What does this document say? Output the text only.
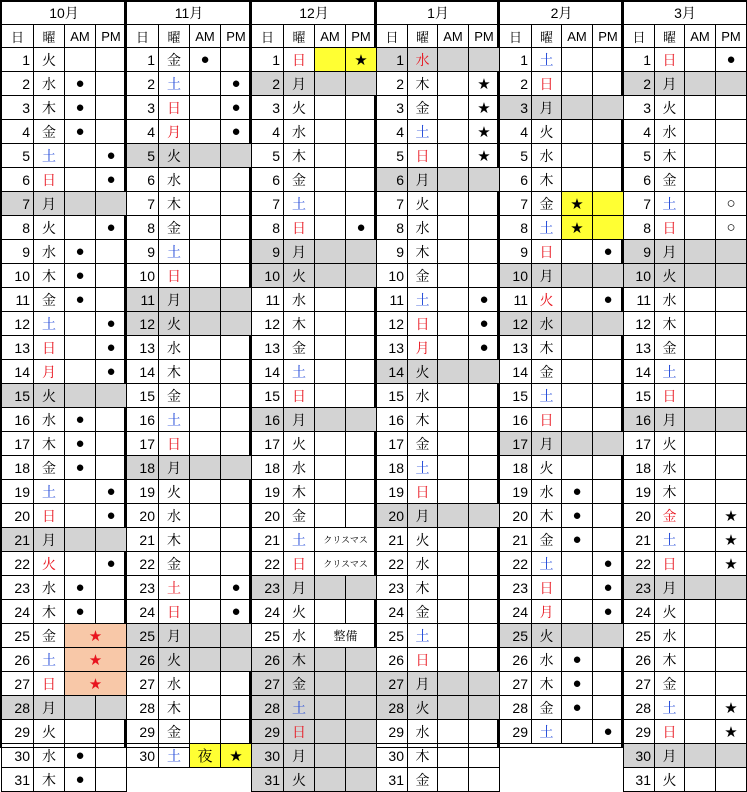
10月			
日	曜	AM	PM
1	火		
2	水	●	
3	木	●	
4	金	●	
5	土		●
6	日		●
7	月		
8	火		●
9	水	●	
10	木	●	
11	金	●	
12	土		●
13	日		●
14	月		●
15	火		
16	水	●	
17	木	●	
18	金	●	
19	土		●
20	日		●
21	月		
22	火		●
23	水	●	
24	木	●	
25	金	★	
26	土	★	
27	日	★	
28	月		
29	火		
30	水	●	
31	木	●	
11月			
日	曜	AM	PM
1	金	●	
2	土		●
3	日		●
4	月		●
5	火		
6	水		
7	木		
8	金		
9	土		
10	日		
11	月		
12	火		
13	水		
14	木		
15	金		
16	土		
17	日		
18	月		
19	火		
20	水		
21	木		
22	金		
23	土		●
24	日		●
25	月		
26	火		
27	水		
28	木		
29	金		
30	土	夜	★
12月			
日	曜	AM	PM
1	日		★
2	月		
3	火		
4	水		
5	木		
6	金		
7	土		
8	日		●
9	月		
10	火		
11	水		
12	木		
13	金		
14	土		
15	日		
16	月		
17	火		
18	水		
19	木		
20	金		
21	土	クリスマス	
22	日	クリスマス	
23	月		
24	火		
25	水	整備	
26	木		
27	金		
28	土		
29	日		
30	月		
31	火		
1月			
日	曜	AM	PM
1	水		
2	木		★
3	金		★
4	土		★
5	日		★
6	月		
7	火		
8	水		
9	木		
10	金		
11	土		●
12	日		●
13	月		●
14	火		
15	水		
16	木		
17	金		
18	土		
19	日		
20	月		
21	火		
22	水		
23	木		
24	金		
25	土		
26	日		
27	月		
28	火		
29	水		
30	木		
31	金		
2月			
日	曜	AM	PM
1	土		
2	日		
3	月		
4	火		
5	水		
6	木		
7	金	★	
8	土	★	
9	日		●
10	月		
11	火		●
12	水		
13	木		
14	金		
15	土		
16	日		
17	月		
18	火		
19	水	●	
20	木	●	
21	金	●	
22	土		●
23	日		●
24	月		●
25	火		
26	水	●	
27	木	●	
28	金	●	
29	土		●
3月			
日	曜	AM	PM
1	日		●
2	月		
3	火		
4	水		
5	木		
6	金		
7	土		○
8	日		○
9	月		
10	火		
11	水		
12	木		
13	金		
14	土		
15	日		
16	月		
17	火		
18	水		
19	木		
20	金		★
21	土		★
22	日		★
23	月		
24	火		
25	水		
26	木		
27	金		
28	土		★
29	日		★
30	月		
31	火		
